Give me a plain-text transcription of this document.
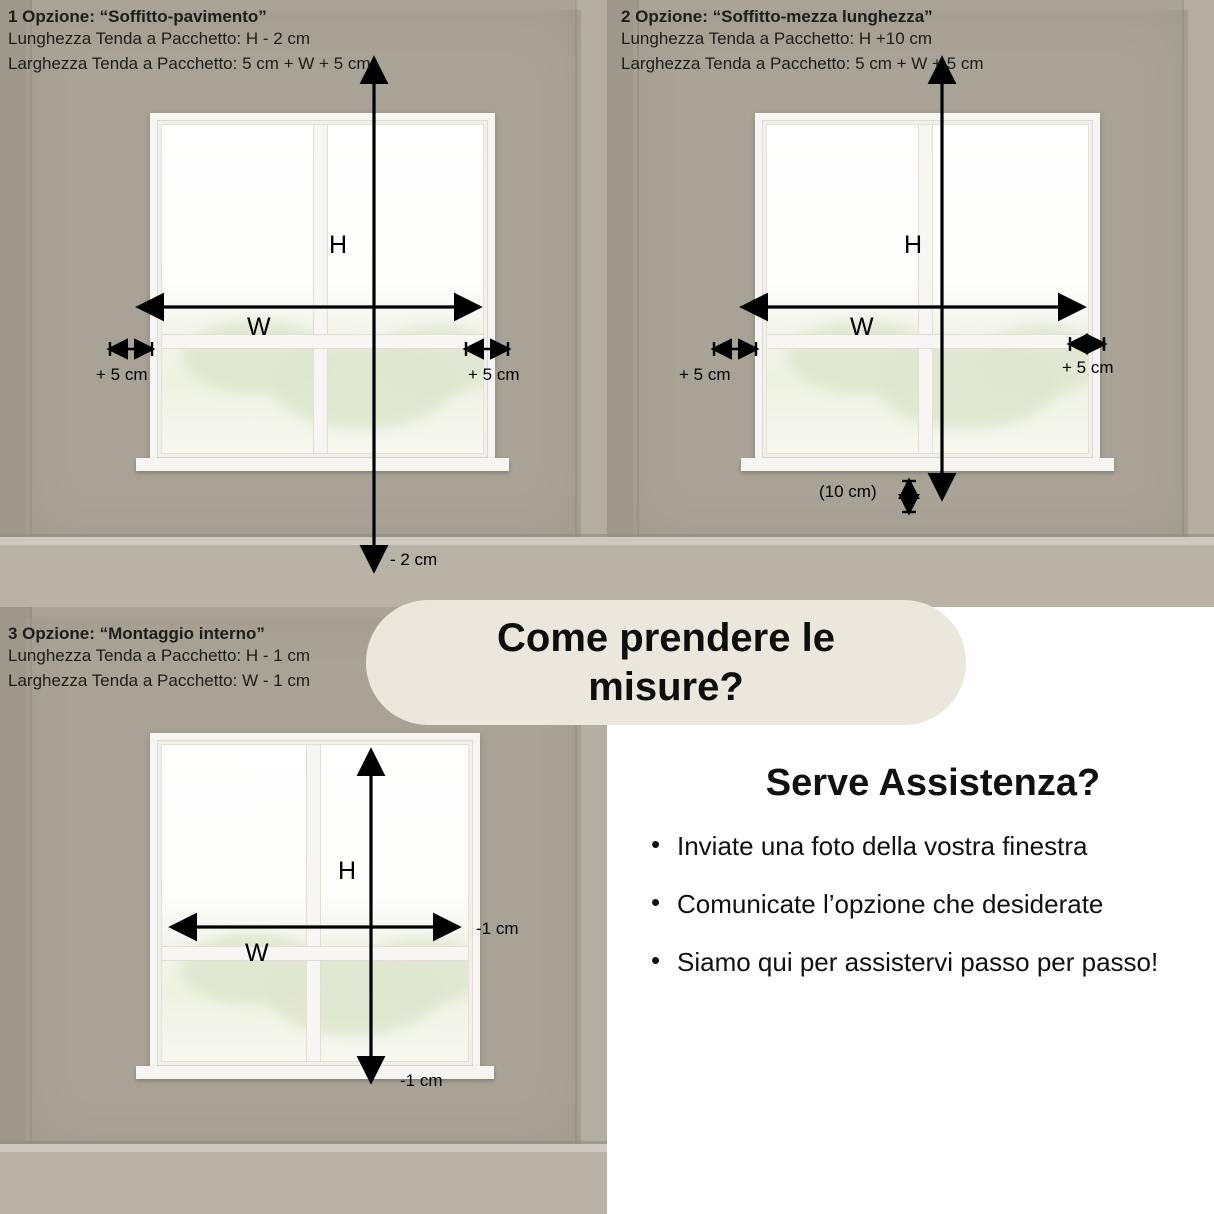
1 Opzione: “Soffitto-pavimento”
Lunghezza Tenda a Pacchetto: H - 2 cm
Larghezza Tenda a Pacchetto: 5 cm + W + 5 cm
H
W
+ 5 cm	+ 5 cm
- 2 cm
2 Opzione: “Soffitto-mezza lunghezza”
Lunghezza Tenda a Pacchetto: H +10 cm
Larghezza Tenda a Pacchetto: 5 cm + W + 5 cm
H
W
+ 5 cm	+ 5 cm
(10 cm)
3 Opzione: “Montaggio interno”
Lunghezza Tenda a Pacchetto: H - 1 cm
Larghezza Tenda a Pacchetto: W - 1 cm
H
W
-1 cm
-1 cm
Serve Assistenza?
• Inviate una foto della vostra finestra
• Comunicate l’opzione che desiderate
• Siamo qui per assistervi passo per passo!
Come prendere le misure?
